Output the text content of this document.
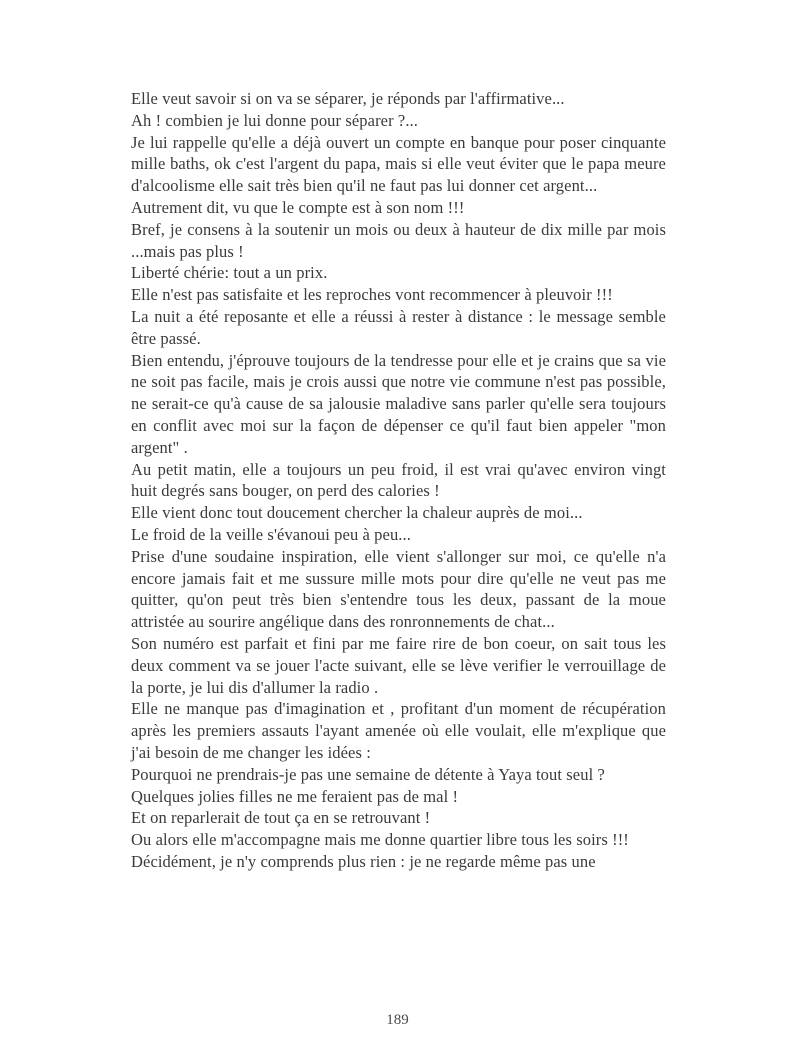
Elle veut savoir si on va se séparer, je réponds par l'affirmative...

Ah ! combien je lui donne pour séparer ?...

Je lui rappelle qu'elle a déjà ouvert un compte en banque pour poser cinquante mille baths, ok c'est l'argent du papa, mais si elle veut éviter que le papa meure d'alcoolisme elle sait très bien qu'il ne faut pas lui donner cet argent...

Autrement dit, vu que le compte est à son nom !!!

Bref, je consens à la soutenir un mois ou deux à hauteur de dix mille par mois ...mais pas plus !

Liberté chérie: tout a un prix.

Elle n'est pas satisfaite et les reproches vont recommencer à pleuvoir !!!

La nuit a été reposante et elle a réussi à rester à distance : le message semble être passé.

Bien entendu, j'éprouve toujours de la tendresse pour elle et je crains que sa vie ne soit pas facile, mais je crois aussi que notre vie commune n'est pas possible, ne serait-ce qu'à cause de sa jalousie maladive sans parler qu'elle sera toujours en conflit avec moi sur la façon de dépenser ce qu'il faut bien appeler "mon argent" .

Au petit matin, elle a toujours un peu froid, il est vrai qu'avec environ vingt huit degrés sans bouger, on perd des calories !

Elle vient donc tout doucement chercher la chaleur auprès de moi...

Le froid de la veille s'évanoui peu à peu...

Prise d'une soudaine inspiration, elle vient s'allonger sur moi, ce qu'elle n'a encore jamais fait et me sussure mille mots pour dire qu'elle ne veut pas me quitter, qu'on peut très bien s'entendre tous les deux, passant de la moue attristée au sourire angélique dans des ronronnements de chat...

Son numéro est parfait et fini par me faire rire de bon coeur, on sait tous les deux comment va se jouer l'acte suivant, elle se lève verifier le verrouillage de la porte, je lui dis d'allumer la radio .

Elle ne manque pas d'imagination et , profitant d'un moment de récupération après les premiers assauts l'ayant amenée où elle voulait, elle m'explique que j'ai besoin de me changer les idées :

Pourquoi ne prendrais-je pas une semaine de détente à Yaya tout seul ?

Quelques jolies filles ne me feraient pas de mal !

Et on reparlerait de tout ça en se retrouvant !

Ou alors elle m'accompagne mais me donne quartier libre tous les soirs !!!

Décidément, je n'y comprends plus rien : je ne regarde même pas une

189
